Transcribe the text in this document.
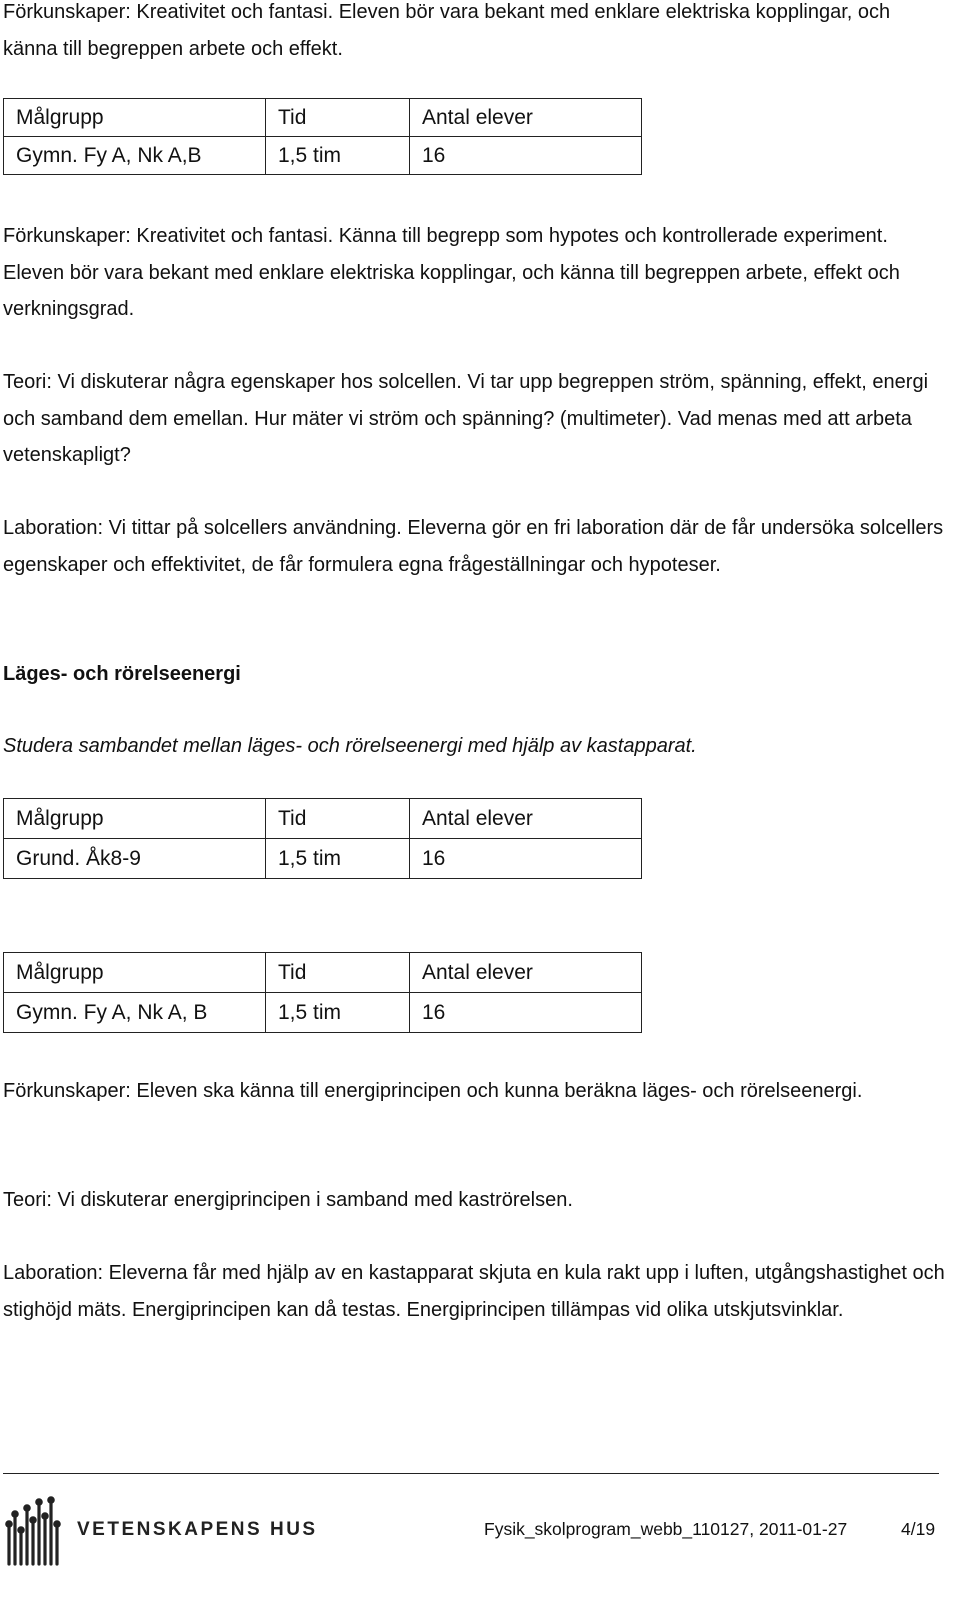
Förkunskaper: Kreativitet och fantasi. Eleven bör vara bekant med enklare elektriska kopplingar, och känna till begreppen arbete och effekt.

Målgrupp	Tid	Antal elever
Gymn. Fy A, Nk A,B	1,5 tim	16

Förkunskaper: Kreativitet och fantasi. Känna till begrepp som hypotes och kontrollerade experiment. Eleven bör vara bekant med enklare elektriska kopplingar, och känna till begreppen arbete, effekt och verkningsgrad.

Teori: Vi diskuterar några egenskaper hos solcellen. Vi tar upp begreppen ström, spänning, effekt, energi och samband dem emellan. Hur mäter vi ström och spänning? (multimeter). Vad menas med att arbeta vetenskapligt?

Laboration: Vi tittar på solcellers användning. Eleverna gör en fri laboration där de får undersöka solcellers egenskaper och effektivitet, de får formulera egna frågeställningar och hypoteser.

Läges- och rörelseenergi

Studera sambandet mellan läges- och rörelseenergi med hjälp av kastapparat.

Målgrupp	Tid	Antal elever
Grund. Åk8-9	1,5 tim	16
Målgrupp	Tid	Antal elever
Gymn. Fy A, Nk A, B	1,5 tim	16

Förkunskaper: Eleven ska känna till energiprincipen och kunna beräkna läges- och rörelseenergi.

Teori: Vi diskuterar energiprincipen i samband med kaströrelsen.

Laboration: Eleverna får med hjälp av en kastapparat skjuta en kula rakt upp i luften, utgångshastighet och stighöjd mäts. Energiprincipen kan då testas. Energiprincipen tillämpas vid olika utskjutsvinklar.

VETENSKAPENS HUS	Fysik_skolprogram_webb_110127, 2011-01-27	4/19
